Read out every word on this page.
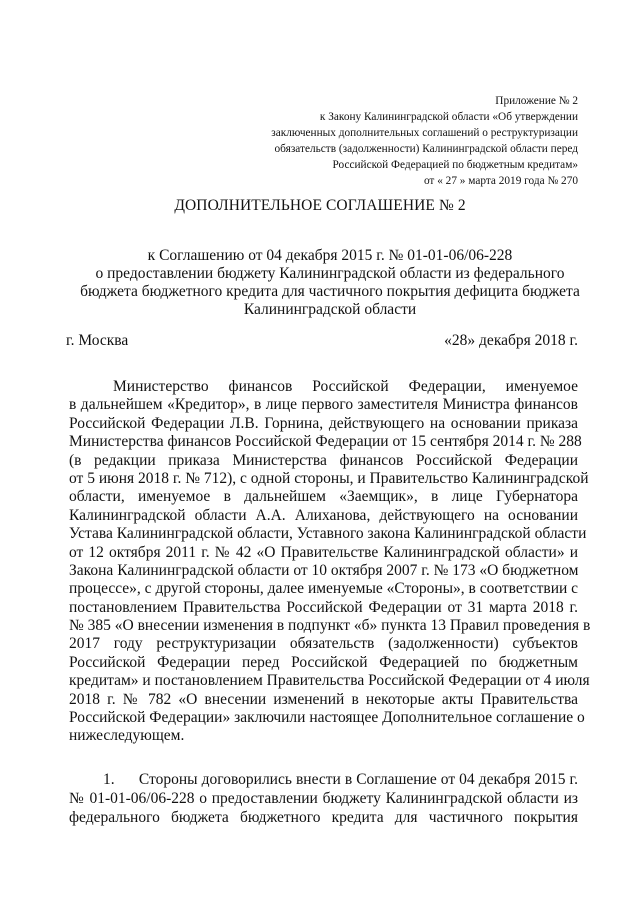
Приложение № 2
к Закону Калининградской области «Об утверждении
заключенных дополнительных соглашений о реструктуризации
обязательств (задолженности) Калининградской области перед
Российской Федерацией по бюджетным кредитам»
от « 27 » марта 2019 года № 270
ДОПОЛНИТЕЛЬНОЕ СОГЛАШЕНИЕ № 2
к Соглашению от 04 декабря 2015 г. № 01-01-06/06-228
о предоставлении бюджету Калининградской области из федерального
бюджета бюджетного кредита для частичного покрытия дефицита бюджета
Калининградской области
г. Москва	«28» декабря 2018 г.
Министерство финансов Российской Федерации, именуемое
в дальнейшем «Кредитор», в лице первого заместителя Министра финансов
Российской Федерации Л.В. Горнина, действующего на основании приказа
Министерства финансов Российской Федерации от 15 сентября 2014 г. № 288
(в редакции приказа Министерства финансов Российской Федерации
от 5 июня 2018 г. № 712), с одной стороны, и Правительство Калининградской
области, именуемое в дальнейшем «Заемщик», в лице Губернатора
Калининградской области А.А. Алиханова, действующего на основании
Устава Калининградской области, Уставного закона Калининградской области
от 12 октября 2011 г. № 42 «О Правительстве Калининградской области» и
Закона Калининградской области от 10 октября 2007 г. № 173 «О бюджетном
процессе», с другой стороны, далее именуемые «Стороны», в соответствии с
постановлением Правительства Российской Федерации от 31 марта 2018 г.
№ 385 «О внесении изменения в подпункт «б» пункта 13 Правил проведения в
2017 году реструктуризации обязательств (задолженности) субъектов
Российской Федерации перед Российской Федерацией по бюджетным
кредитам» и постановлением Правительства Российской Федерации от 4 июля
2018 г. № 782 «О внесении изменений в некоторые акты Правительства
Российской Федерации» заключили настоящее Дополнительное соглашение о
нижеследующем.
1.      Стороны договорились внести в Соглашение от 04 декабря 2015 г.
№ 01-01-06/06-228 о предоставлении бюджету Калининградской области из
федерального бюджета бюджетного кредита для частичного покрытия
